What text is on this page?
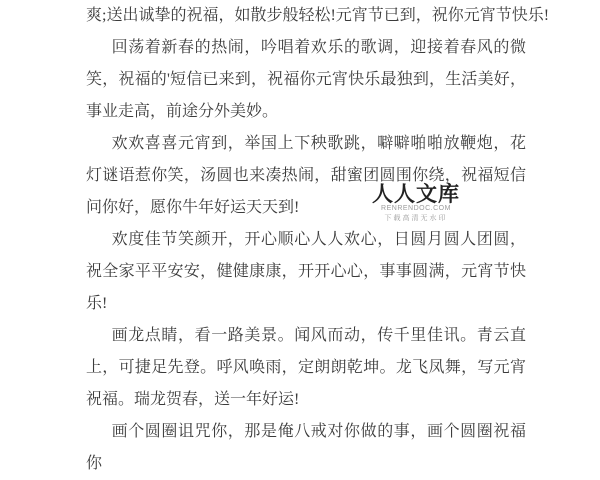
爽;送出诚挚的祝福，如散步般轻松!元宵节已到，祝你元宵节快乐!

回荡着新春的热闹，吟唱着欢乐的歌调，迎接着春风的微笑，祝福的'短信已来到，祝福你元宵快乐最独到，生活美好，事业走高，前途分外美妙。

欢欢喜喜元宵到，举国上下秧歌跳，噼噼啪啪放鞭炮，花灯谜语惹你笑，汤圆也来凑热闹，甜蜜团圆围你绕，祝福短信问你好，愿你牛年好运天天到!

欢度佳节笑颜开，开心顺心人人欢心，日圆月圆人团圆，祝全家平平安安，健健康康，开开心心，事事圆满，元宵节快乐!

画龙点睛，看一路美景。闻风而动，传千里佳讯。青云直上，可捷足先登。呼风唤雨，定朗朗乾坤。龙飞凤舞，写元宵祝福。瑞龙贺春，送一年好运!

画个圆圈诅咒你，那是俺八戒对你做的事，画个圆圈祝福你

人人文库
RENRENDOC.COM
下载高清无水印
